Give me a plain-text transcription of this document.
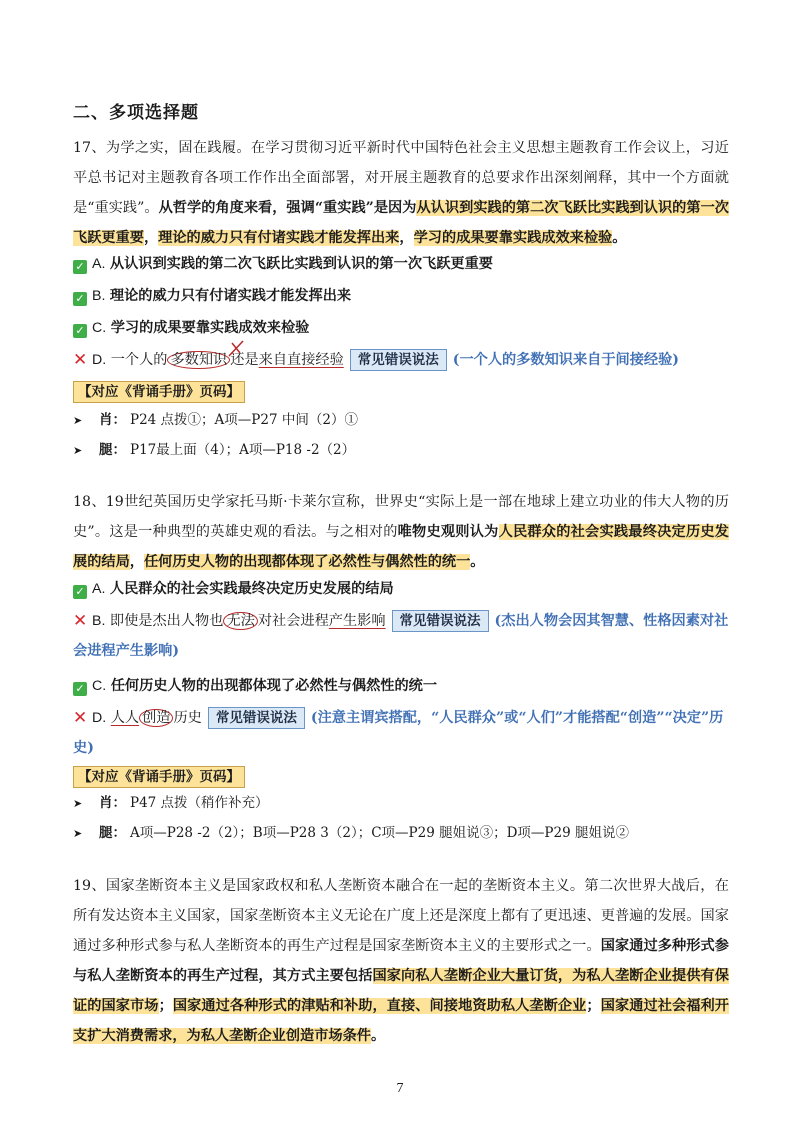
二、多项选择题
17、为学之实，固在践履。在学习贯彻习近平新时代中国特色社会主义思想主题教育工作会议上，习近平总书记对主题教育各项工作作出全面部署，对开展主题教育的总要求作出深刻阐释，其中一个方面就是“重实践”。从哲学的角度来看，强调“重实践”是因为从认识到实践的第二次飞跃比实践到认识的第一次飞跃更重要，理论的威力只有付诸实践才能发挥出来，学习的成果要靠实践成效来检验。
✓ A. 从认识到实践的第二次飞跃比实践到认识的第一次飞跃更重要
✓ B. 理论的威力只有付诸实践才能发挥出来
✓ C. 学习的成果要靠实践成效来检验
✕ D. 一个人的 多数知识 还是来自直接经验 常见错误说法 (一个人的多数知识来自于间接经验)
【对应《背诵手册》页码】
➤ 肖： P24 点拨①；A项—P27 中间（2）①
➤ 腿： P17最上面（4）；A项—P18 -2（2）
18、19世纪英国历史学家托马斯·卡莱尔宣称，世界史“实际上是一部在地球上建立功业的伟大人物的历史”。这是一种典型的英雄史观的看法。与之相对的唯物史观则认为人民群众的社会实践最终决定历史发展的结局，任何历史人物的出现都体现了必然性与偶然性的统一。
✓ A. 人民群众的社会实践最终决定历史发展的结局
✕ B. 即使是杰出人物也 无法 对社会进程产生影响 常见错误说法 (杰出人物会因其智慧、性格因素对社会进程产生影响)
✓ C. 任何历史人物的出现都体现了必然性与偶然性的统一
✕ D. 人人 创造 历史 常见错误说法 (注意主谓宾搭配，“人民群众”或“人们”才能搭配“创造”“决定”历史)
【对应《背诵手册》页码】
➤ 肖： P47 点拨（稍作补充）
➤ 腿： A项—P28 -2（2）；B项—P28 3（2）；C项—P29 腿姐说③；D项—P29 腿姐说②
19、国家垄断资本主义是国家政权和私人垄断资本融合在一起的垄断资本主义。第二次世界大战后，在所有发达资本主义国家，国家垄断资本主义无论在广度上还是深度上都有了更迅速、更普遍的发展。国家通过多种形式参与私人垄断资本的再生产过程是国家垄断资本主义的主要形式之一。国家通过多种形式参与私人垄断资本的再生产过程，其方式主要包括国家向私人垄断企业大量订货，为私人垄断企业提供有保证的国家市场；国家通过各种形式的津贴和补助，直接、间接地资助私人垄断企业；国家通过社会福利开支扩大消费需求，为私人垄断企业创造市场条件。
7
